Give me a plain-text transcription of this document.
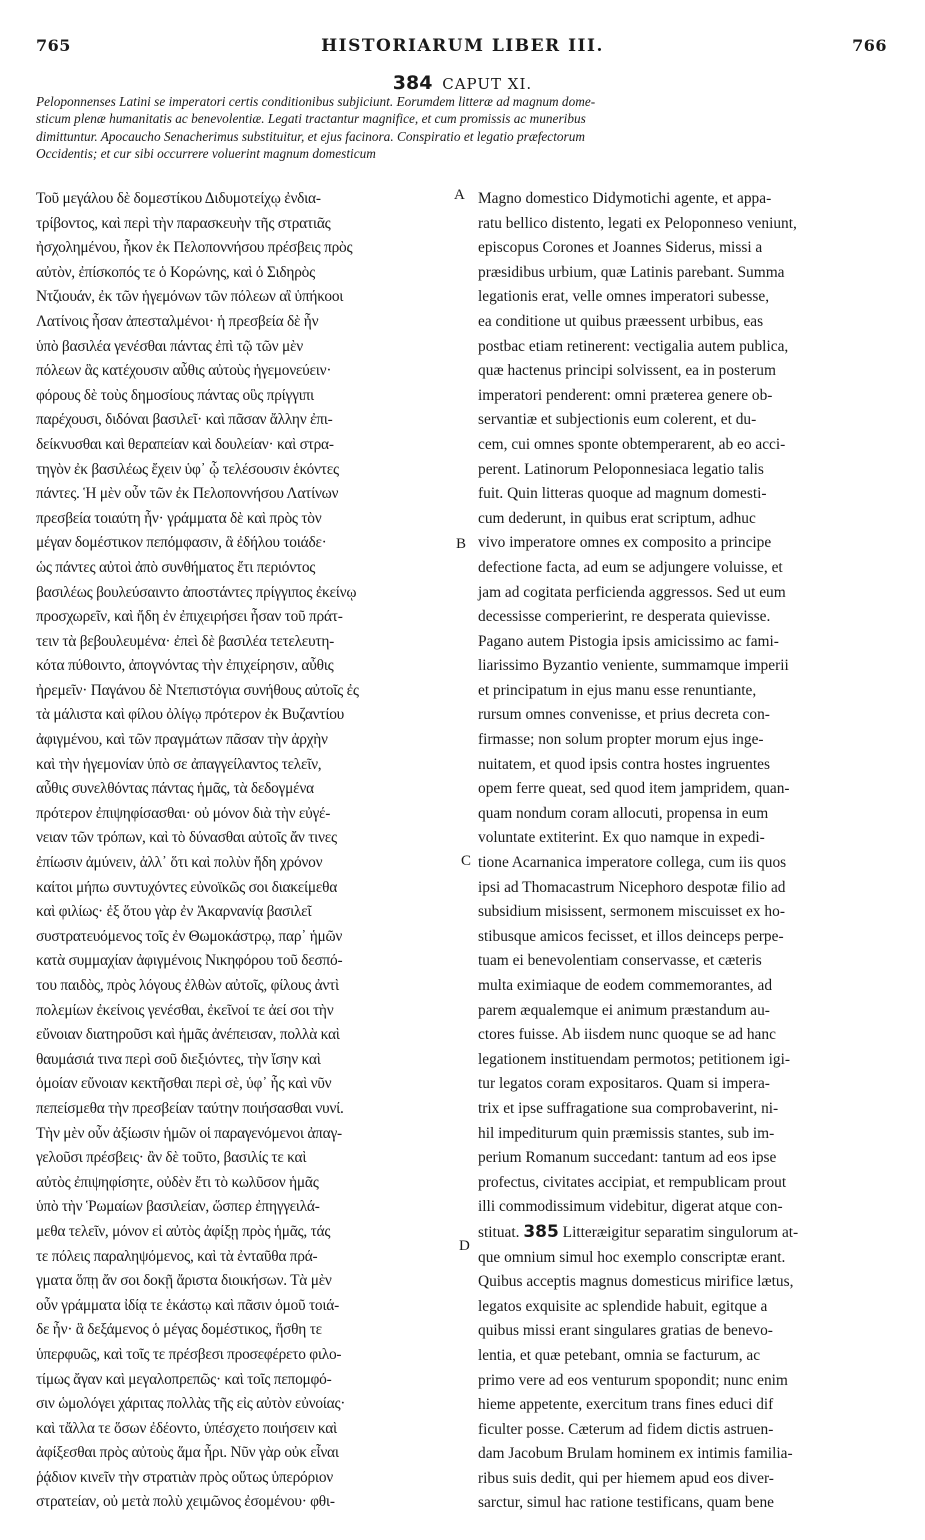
765	HISTORIARUM LIBER III.	766
384 CAPUT XI.
Peloponnenses Latini se imperatori certis conditionibus subjiciunt. Eorumdem litteræ ad magnum dome-
sticum plenæ humanitatis ac benevolentiæ. Legati tractantur magnifice, et cum promissis ac muneribus
dimittuntur. Apocaucho Senacherimus substituitur, et ejus facinora. Conspiratio et legatio præfectorum
Occidentis; et cur sibi occurrere voluerint magnum domesticum
Τοῦ μεγάλου δὲ δομεστίκου Διδυμοτείχῳ ἐνδια-
τρίβοντος, καὶ περὶ τὴν παρασκευὴν τῆς στρατιᾶς
ἠσχολημένου, ἧκον ἐκ Πελοποννήσου πρέσβεις πρὸς
αὐτὸν, ἐπίσκοπός τε ὁ Κορώνης, καὶ ὁ Σιδηρὸς
Ντζιουάν, ἐκ τῶν ἡγεμόνων τῶν πόλεων αἳ ὑπήκοοι
Λατίνοις ἦσαν ἀπεσταλμένοι· ἡ πρεσβεία δὲ ἦν
ὑπὸ βασιλέα γενέσθαι πάντας ἐπὶ τῷ τῶν μὲν
πόλεων ἃς κατέχουσιν αὖθις αὐτοὺς ἡγεμονεύειν·
φόρους δὲ τοὺς δημοσίους πάντας οὓς πρίγγιπι
παρέχουσι, διδόναι βασιλεῖ· καὶ πᾶσαν ἄλλην ἐπι-
δείκνυσθαι καὶ θεραπείαν καὶ δουλείαν· καὶ στρα-
τηγὸν ἐκ βασιλέως ἔχειν ὑφ᾽ ᾧ τελέσουσιν ἑκόντες
πάντες. Ἡ μὲν οὖν τῶν ἐκ Πελοποννήσου Λατίνων
πρεσβεία τοιαύτη ἦν· γράμματα δὲ καὶ πρὸς τὸν
μέγαν δομέστικον πεπόμφασιν, ἃ ἐδήλου τοιάδε·
ὡς πάντες αὐτοὶ ἀπὸ συνθήματος ἔτι περιόντος
βασιλέως βουλεύσαιντο ἀποστάντες πρίγγιπος ἐκείνῳ
προσχωρεῖν, καὶ ἤδη ἐν ἐπιχειρήσει ἦσαν τοῦ πράτ-
τειν τὰ βεβουλευμένα· ἐπεὶ δὲ βασιλέα τετελευτη-
κότα πύθοιντο, ἀπογνόντας τὴν ἐπιχείρησιν, αὖθις
ἠρεμεῖν· Παγάνου δὲ Ντεπιστόγια συνήθους αὐτοῖς ἐς
τὰ μάλιστα καὶ φίλου ὀλίγῳ πρότερον ἐκ Βυζαντίου
ἀφιγμένου, καὶ τῶν πραγμάτων πᾶσαν τὴν ἀρχὴν
καὶ τὴν ἡγεμονίαν ὑπὸ σε ἀπαγγείλαντος τελεῖν,
αὖθις συνελθόντας πάντας ἡμᾶς, τὰ δεδογμένα
πρότερον ἐπιψηφίσασθαι· οὐ μόνον διὰ τὴν εὐγέ-
νειαν τῶν τρόπων, καὶ τὸ δύνασθαι αὐτοῖς ἄν τινες
ἐπίωσιν ἀμύνειν, ἀλλ᾽ ὅτι καὶ πολὺν ἤδη χρόνον
καίτοι μήπω συντυχόντες εὐνοϊκῶς σοι διακείμεθα
καὶ φιλίως· ἐξ ὅτου γὰρ ἐν Ἀκαρνανίᾳ βασιλεῖ
συστρατευόμενος τοῖς ἐν Θωμοκάστρῳ, παρ᾽ ἡμῶν
κατὰ συμμαχίαν ἀφιγμένοις Νικηφόρου τοῦ δεσπό-
του παιδὸς, πρὸς λόγους ἐλθὼν αὐτοῖς, φίλους ἀντὶ
πολεμίων ἐκείνοις γενέσθαι, ἐκεῖνοί τε ἀεί σοι τὴν
εὔνοιαν διατηροῦσι καὶ ἡμᾶς ἀνέπεισαν, πολλὰ καὶ
θαυμάσιά τινα περὶ σοῦ διεξιόντες, τὴν ἴσην καὶ
ὁμοίαν εὔνοιαν κεκτῆσθαι περὶ σὲ, ὑφ᾽ ἧς καὶ νῦν
πεπείσμεθα τὴν πρεσβείαν ταύτην ποιήσασθαι νυνί.
Τὴν μὲν οὖν ἀξίωσιν ἡμῶν οἱ παραγενόμενοι ἀπαγ-
γελοῦσι πρέσβεις· ἂν δὲ τοῦτο, βασιλίς τε καὶ
αὐτὸς ἐπιψηφίσητε, οὐδὲν ἔτι τὸ κωλῦσον ἡμᾶς
ὑπὸ τὴν Ῥωμαίων βασιλείαν, ὥσπερ ἐπηγγειλά-
μεθα τελεῖν, μόνον εἰ αὐτὸς ἀφίξῃ πρὸς ἡμᾶς, τάς
τε πόλεις παραληψόμενος, καὶ τὰ ἐνταῦθα πρά-
γματα ὅπῃ ἄν σοι δοκῇ ἄριστα διοικήσων. Τὰ μὲν
οὖν γράμματα ἰδίᾳ τε ἑκάστῳ καὶ πᾶσιν ὁμοῦ τοιά-
δε ἦν· ἃ δεξάμενος ὁ μέγας δομέστικος, ἥσθη τε
ὑπερφυῶς, καὶ τοῖς τε πρέσβεσι προσεφέρετο φιλο-
τίμως ἄγαν καὶ μεγαλοπρεπῶς· καὶ τοῖς πεπομφό-
σιν ὡμολόγει χάριτας πολλὰς τῆς εἰς αὐτὸν εὐνοίας·
καὶ τἄλλα τε ὅσων ἐδέοντο, ὑπέσχετο ποιήσειν καὶ
ἀφίξεσθαι πρὸς αὐτοὺς ἅμα ἦρι. Νῦν γὰρ οὐκ εἶναι
ῥᾴδιον κινεῖν τὴν στρατιὰν πρὸς οὕτως ὑπερόριον
στρατείαν, οὐ μετὰ πολὺ χειμῶνος ἐσομένου· φθι-
Magno domestico Didymotichi agente, et appa-
ratu bellico distento, legati ex Peloponneso veniunt,
episcopus Corones et Joannes Siderus, missi a
præsidibus urbium, quæ Latinis parebant. Summa
legationis erat, velle omnes imperatori subesse,
ea conditione ut quibus præessent urbibus, eas
postbac etiam retinerent: vectigalia autem publica,
quæ hactenus principi solvissent, ea in posterum
imperatori penderent: omni præterea genere ob-
servantiæ et subjectionis eum colerent, et du-
cem, cui omnes sponte obtemperarent, ab eo acci-
perent. Latinorum Peloponnesiaca legatio talis
fuit. Quin litteras quoque ad magnum domesti-
cum dederunt, in quibus erat scriptum, adhuc
vivo imperatore omnes ex composito a principe
defectione facta, ad eum se adjungere voluisse, et
jam ad cogitata perficienda aggressos. Sed ut eum
decessisse comperierint, re desperata quievisse.
Pagano autem Pistogia ipsis amicissimo ac fami-
liarissimo Byzantio veniente, summamque imperii
et principatum in ejus manu esse renuntiante,
rursum omnes convenisse, et prius decreta con-
firmasse; non solum propter morum ejus inge-
nuitatem, et quod ipsis contra hostes ingruentes
opem ferre queat, sed quod item jampridem, quan-
quam nondum coram allocuti, propensa in eum
voluntate extiterint. Ex quo namque in expedi-
tione Acarnanica imperatore collega, cum iis quos
ipsi ad Thomacastrum Nicephoro despotæ filio ad
subsidium misissent, sermonem miscuisset ex ho-
stibusque amicos fecisset, et illos deinceps perpe-
tuam ei benevolentiam conservasse, et cæteris
multa eximiaque de eodem commemorantes, ad
parem æqualemque ei animum præstandum au-
ctores fuisse. Ab iisdem nunc quoque se ad hanc
legationem instituendam permotos; petitionem igi-
tur legatos coram expositaros. Quam si impera-
trix et ipse suffragatione sua comprobaverint, ni-
hil impediturum quin præmissis stantes, sub im-
perium Romanum succedant: tantum ad eos ipse
profectus, civitates accipiat, et rempublicam prout
illi commodissimum videbitur, digerat atque con-
stituat. 385 Litteræigitur separatim singulorum at-
que omnium simul hoc exemplo conscriptæ erant.
Quibus acceptis magnus domesticus mirifice lætus,
legatos exquisite ac splendide habuit, egitque a
quibus missi erant singulares gratias de benevo-
lentia, et quæ petebant, omnia se facturum, ac
primo vere ad eos venturum spopondit; nunc enim
hieme appetente, exercitum trans fines educi dif
ficulter posse. Cæterum ad fidem dictis astruen-
dam Jacobum Brulam hominem ex intimis familia-
ribus suis dedit, qui per hiemem apud eos diver-
sarctur, simul hac ratione testificans, quam bene
A
B
C
D
